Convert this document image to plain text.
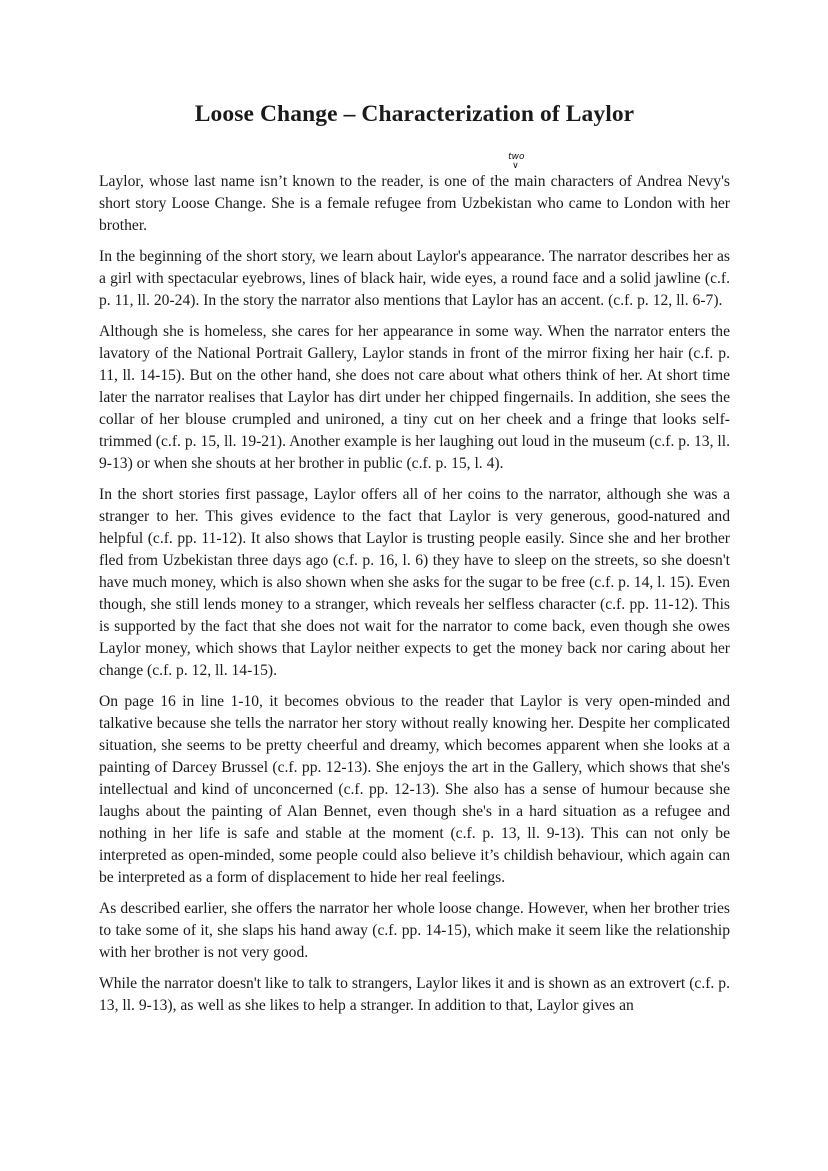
Loose Change – Characterization of Laylor

Laylor, whose last name isn’t known to the reader, is one of
two
∨
the main characters of Andrea Nevy's short story Loose Change. She is a female refugee from Uzbekistan who came to London with her brother.

In the beginning of the short story, we learn about Laylor's appearance. The narrator describes her as a girl with spectacular eyebrows, lines of black hair, wide eyes, a round face and a solid jawline (c.f. p. 11, ll. 20-24). In the story the narrator also mentions that Laylor has an accent. (c.f. p. 12, ll. 6-7).

Although she is homeless, she cares for her appearance in some way. When the narrator enters the lavatory of the National Portrait Gallery, Laylor stands in front of the mirror fixing her hair (c.f. p. 11, ll. 14-15). But on the other hand, she does not care about what others think of her. At short time later the narrator realises that Laylor has dirt under her chipped fingernails. In addition, she sees the collar of her blouse crumpled and unironed, a tiny cut on her cheek and a fringe that looks self- trimmed (c.f. p. 15, ll. 19-21). Another example is her laughing out loud in the museum (c.f. p. 13, ll. 9-13) or when she shouts at her brother in public (c.f. p. 15, l. 4).

In the short stories first passage, Laylor offers all of her coins to the narrator, although she was a stranger to her. This gives evidence to the fact that Laylor is very generous, good-natured and helpful (c.f. pp. 11-12). It also shows that Laylor is trusting people easily. Since she and her brother fled from Uzbekistan three days ago (c.f. p. 16, l. 6) they have to sleep on the streets, so she doesn't have much money, which is also shown when she asks for the sugar to be free (c.f. p. 14, l. 15). Even though, she still lends money to a stranger, which reveals her selfless character (c.f. pp. 11-12). This is supported by the fact that she does not wait for the narrator to come back, even though she owes Laylor money, which shows that Laylor neither expects to get the money back nor caring about her change (c.f. p. 12, ll. 14-15).

On page 16 in line 1-10, it becomes obvious to the reader that Laylor is very open-minded and talkative because she tells the narrator her story without really knowing her. Despite her complicated situation, she seems to be pretty cheerful and dreamy, which becomes apparent when she looks at a painting of Darcey Brussel (c.f. pp. 12-13). She enjoys the art in the Gallery, which shows that she's intellectual and kind of unconcerned (c.f. pp. 12-13). She also has a sense of humour because she laughs about the painting of Alan Bennet, even though she's in a hard situation as a refugee and nothing in her life is safe and stable at the moment (c.f. p. 13, ll. 9-13). This can not only be interpreted as open-minded, some people could also believe it’s childish behaviour, which again can be interpreted as a form of displacement to hide her real feelings.

As described earlier, she offers the narrator her whole loose change. However, when her brother tries to take some of it, she slaps his hand away (c.f. pp. 14-15), which make it seem like the relationship with her brother is not very good.

While the narrator doesn't like to talk to strangers, Laylor likes it and is shown as an extrovert (c.f. p. 13, ll. 9-13), as well as she likes to help a stranger. In addition to that, Laylor gives an
